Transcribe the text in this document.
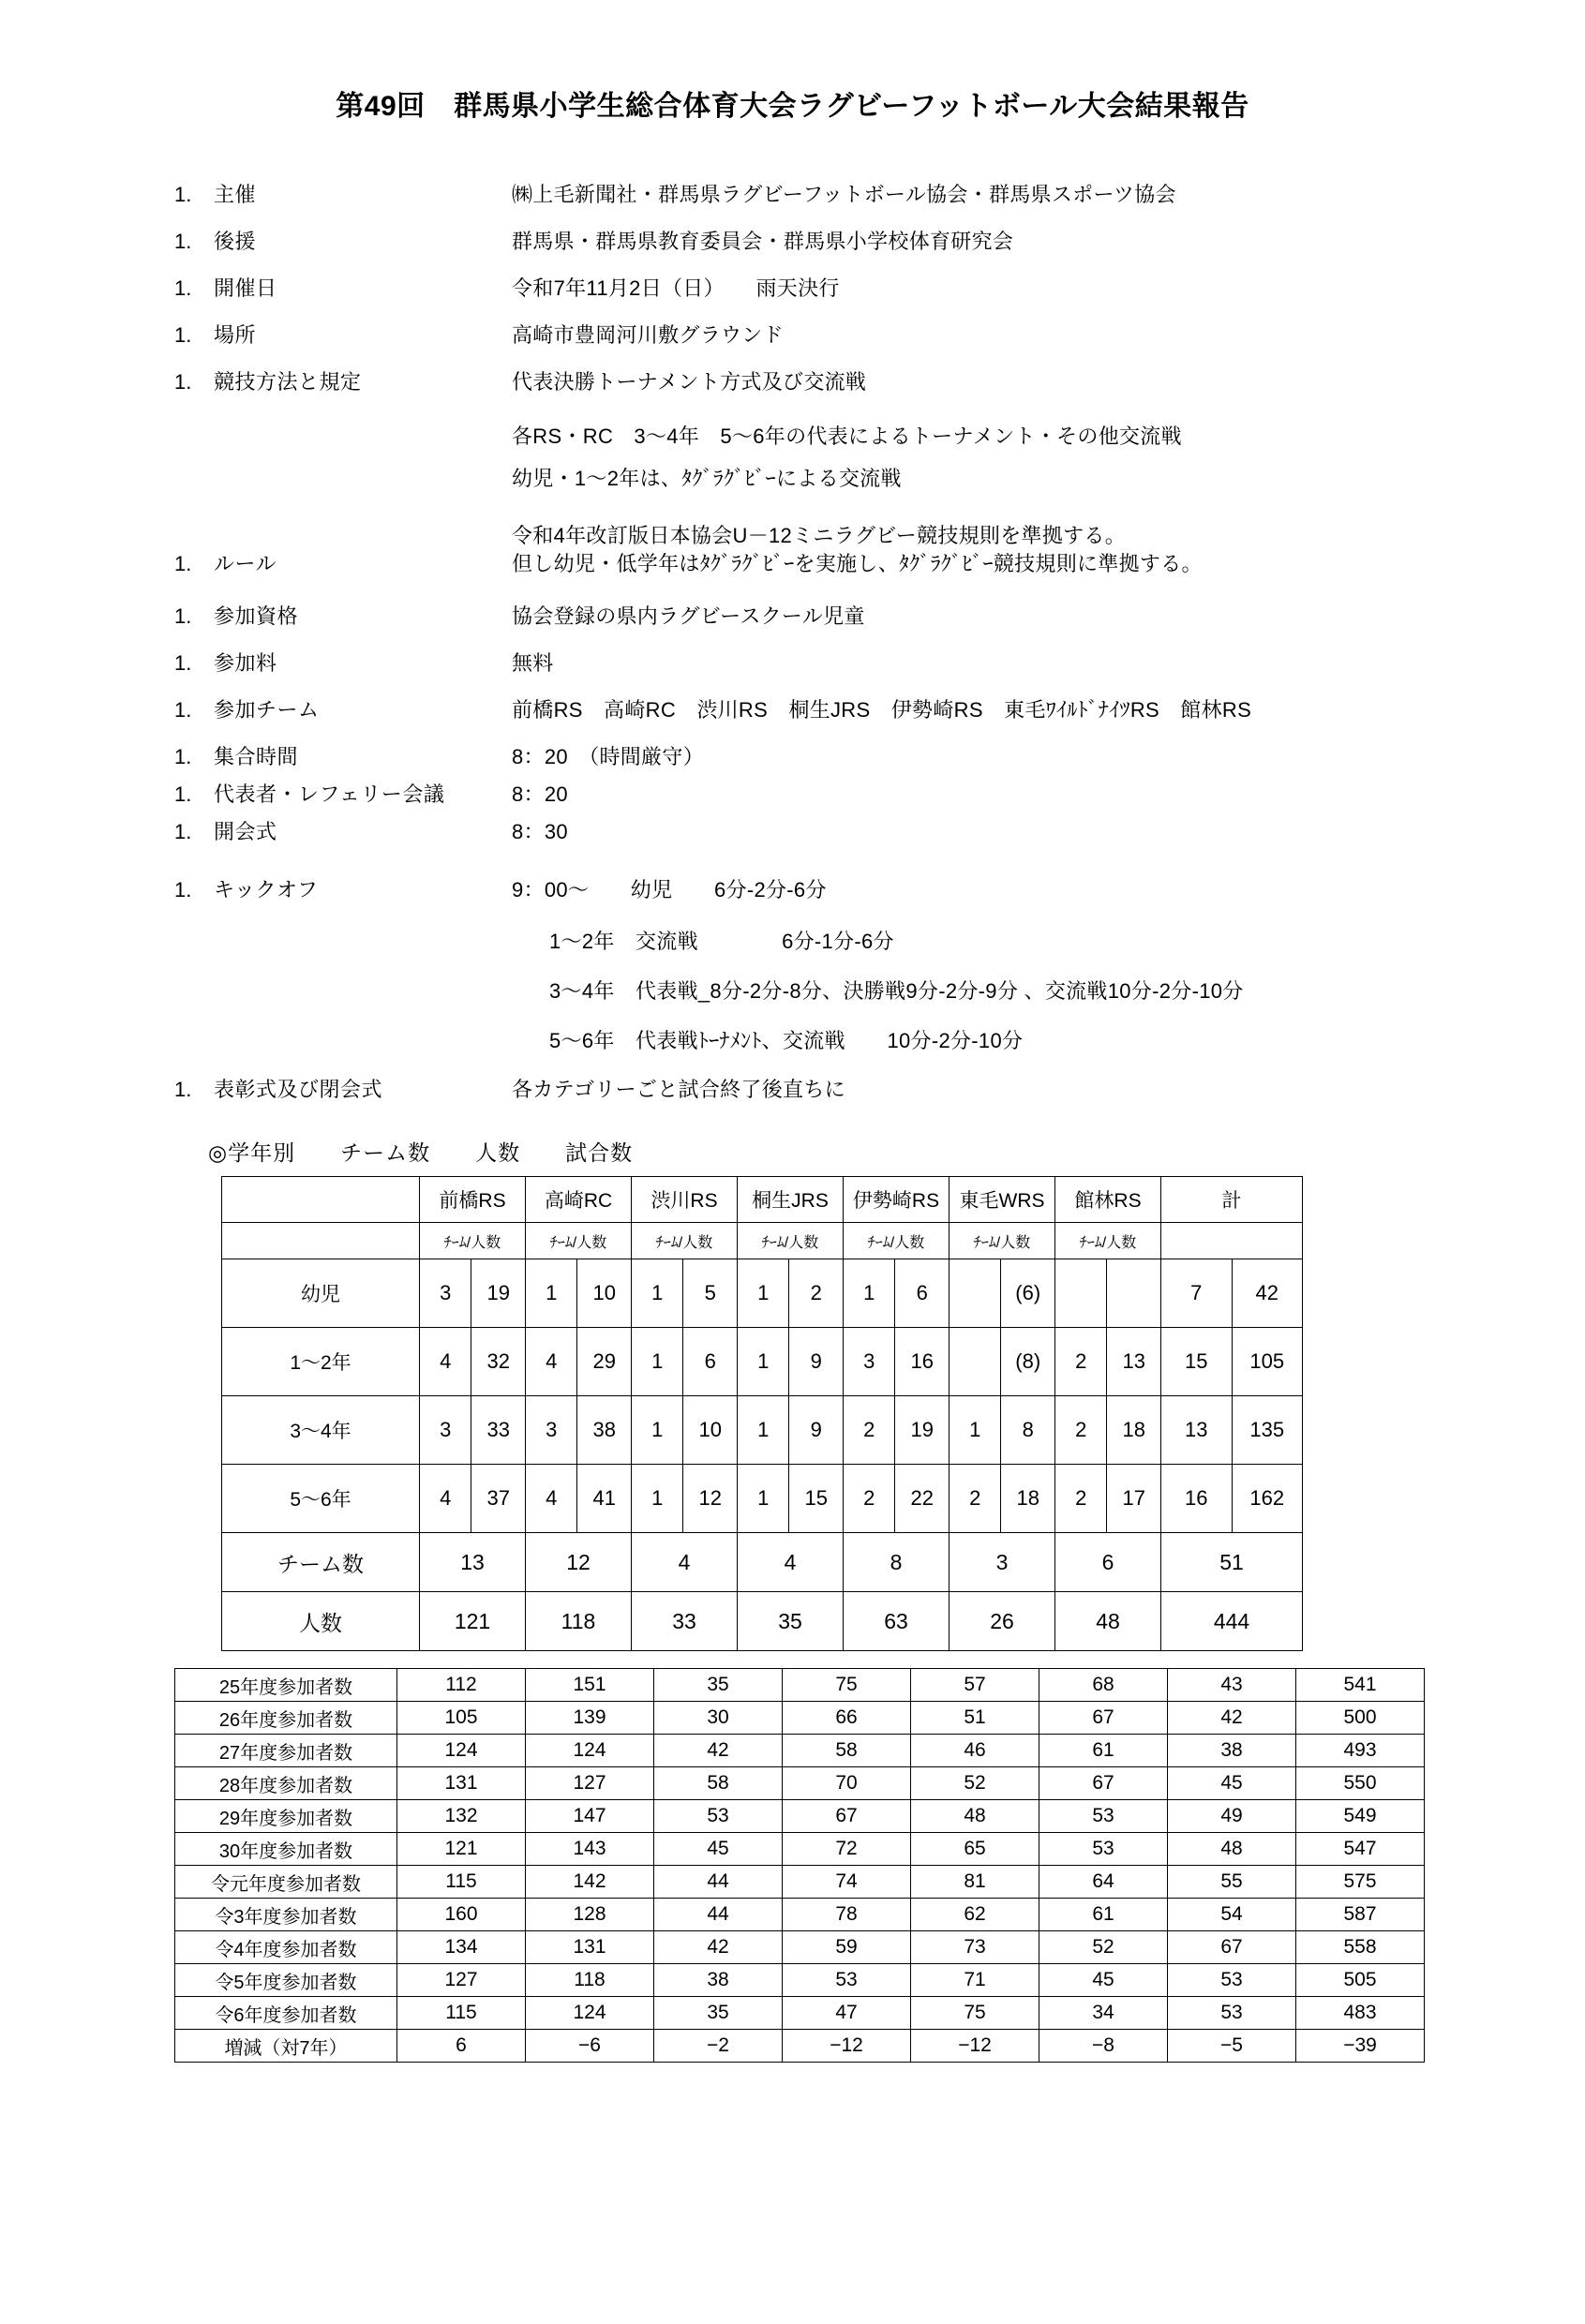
第49回　群馬県小学生総合体育大会ラグビーフットボール大会結果報告
1.	主催	㈱上毛新聞社・群馬県ラグビーフットボール協会・群馬県スポーツ協会
1.	後援	群馬県・群馬県教育委員会・群馬県小学校体育研究会
1.	開催日	令和7年11月2日（日）　　雨天決行
1.	場所	高崎市豊岡河川敷グラウンド
1.	競技方法と規定	代表決勝トーナメント方式及び交流戦
各RS・RC　3～4年　5～6年の代表によるトーナメント・その他交流戦
幼児・1～2年は、ﾀｸﾞﾗｸﾞﾋﾞｰによる交流戦
令和4年改訂版日本協会U－12ミニラグビー競技規則を準拠する。
1.	ルール	但し幼児・低学年はﾀｸﾞﾗｸﾞﾋﾞｰを実施し、ﾀｸﾞﾗｸﾞﾋﾞｰ競技規則に準拠する。
1.	参加資格	協会登録の県内ラグビースクール児童
1.	参加料	無料
1.	参加チーム	前橋RS　高崎RC　渋川RS　桐生JRS　伊勢崎RS　東毛ﾜｲﾙﾄﾞﾅｲﾂRS　館林RS
1.	集合時間	8：20　（時間厳守）
1.	代表者・レフェリー会議	8：20
1.	開会式	8：30
1.	キックオフ	9：00～　　幼児　　6分-2分-6分
1～2年　交流戦　　　　6分-1分-6分
3～4年　代表戦_8分-2分-8分、決勝戦9分-2分-9分 、交流戦10分-2分-10分
5～6年　代表戦ﾄｰﾅﾒﾝﾄ、交流戦　　10分-2分-10分
1.	表彰式及び閉会式	各カテゴリーごと試合終了後直ちに
◎学年別　　チーム数　　人数　　試合数
	前橋RS		高崎RC		渋川RS		桐生JRS		伊勢崎RS		東毛WRS		館林RS		計	
	ﾁｰﾑ/人数		ﾁｰﾑ/人数		ﾁｰﾑ/人数		ﾁｰﾑ/人数		ﾁｰﾑ/人数		ﾁｰﾑ/人数		ﾁｰﾑ/人数			
幼児	3	19	1	10	1	5	1	2	1	6		(6)			7	42
1～2年	4	32	4	29	1	6	1	9	3	16		(8)	2	13	15	105
3～4年	3	33	3	38	1	10	1	9	2	19	1	8	2	18	13	135
5～6年	4	37	4	41	1	12	1	15	2	22	2	18	2	17	16	162
チーム数	13		12		4		4		8		3		6		51	
人数	121		118		33		35		63		26		48		444	
25年度参加者数	112	151	35	75	57	68	43	541
26年度参加者数	105	139	30	66	51	67	42	500
27年度参加者数	124	124	42	58	46	61	38	493
28年度参加者数	131	127	58	70	52	67	45	550
29年度参加者数	132	147	53	67	48	53	49	549
30年度参加者数	121	143	45	72	65	53	48	547
令元年度参加者数	115	142	44	74	81	64	55	575
令3年度参加者数	160	128	44	78	62	61	54	587
令4年度参加者数	134	131	42	59	73	52	67	558
令5年度参加者数	127	118	38	53	71	45	53	505
令6年度参加者数	115	124	35	47	75	34	53	483
増減（対7年）	6	−6	−2	−12	−12	−8	−5	−39
